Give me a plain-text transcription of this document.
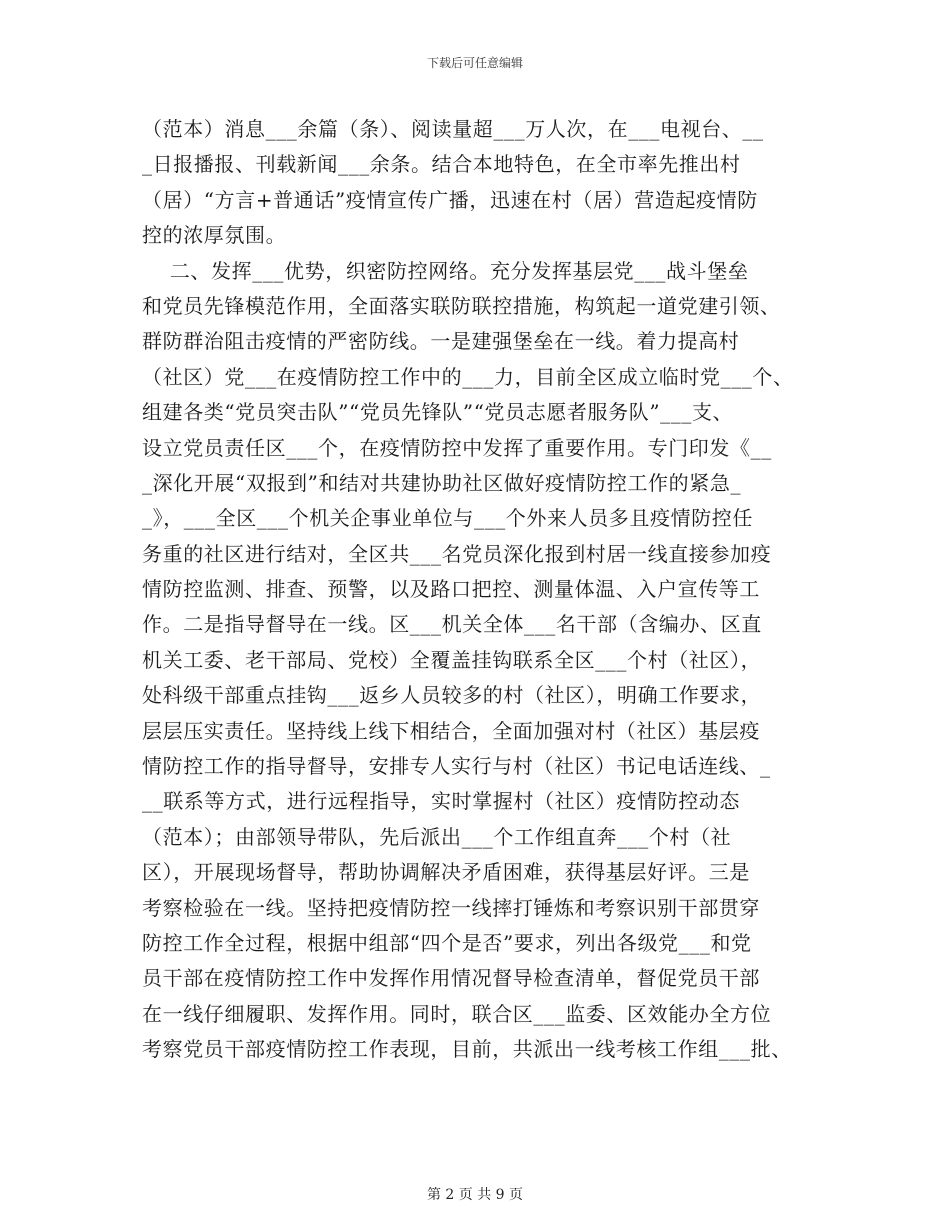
下载后可任意编辑
（范本）消息___余篇（条）、阅读量超___万人次，在___电视台、__
_日报播报、刊载新闻___余条。结合本地特色，在全市率先推出村
（居）“方言+普通话”疫情宣传广播，迅速在村（居）营造起疫情防
控的浓厚氛围。
二、发挥___优势，织密防控网络。充分发挥基层党___战斗堡垒
和党员先锋模范作用，全面落实联防联控措施，构筑起一道党建引领、
群防群治阻击疫情的严密防线。一是建强堡垒在一线。着力提高村
（社区）党___在疫情防控工作中的___力，目前全区成立临时党___个、
组建各类“党员突击队”“党员先锋队”“党员志愿者服务队”___支、
设立党员责任区___个，在疫情防控中发挥了重要作用。专门印发《__
_深化开展“双报到”和结对共建协助社区做好疫情防控工作的紧急_
_》，___全区___个机关企事业单位与___个外来人员多且疫情防控任
务重的社区进行结对，全区共___名党员深化报到村居一线直接参加疫
情防控监测、排查、预警，以及路口把控、测量体温、入户宣传等工
作。二是指导督导在一线。区___机关全体___名干部（含编办、区直
机关工委、老干部局、党校）全覆盖挂钩联系全区___个村（社区），
处科级干部重点挂钩___返乡人员较多的村（社区），明确工作要求，
层层压实责任。坚持线上线下相结合，全面加强对村（社区）基层疫
情防控工作的指导督导，安排专人实行与村（社区）书记电话连线、_
__联系等方式，进行远程指导，实时掌握村（社区）疫情防控动态
（范本）；由部领导带队，先后派出___个工作组直奔___个村（社
区），开展现场督导，帮助协调解决矛盾困难，获得基层好评。三是
考察检验在一线。坚持把疫情防控一线摔打锤炼和考察识别干部贯穿
防控工作全过程，根据中组部“四个是否”要求，列出各级党___和党
员干部在疫情防控工作中发挥作用情况督导检查清单，督促党员干部
在一线仔细履职、发挥作用。同时，联合区___监委、区效能办全方位
考察党员干部疫情防控工作表现，目前，共派出一线考核工作组___批、
第 2 页 共 9 页
